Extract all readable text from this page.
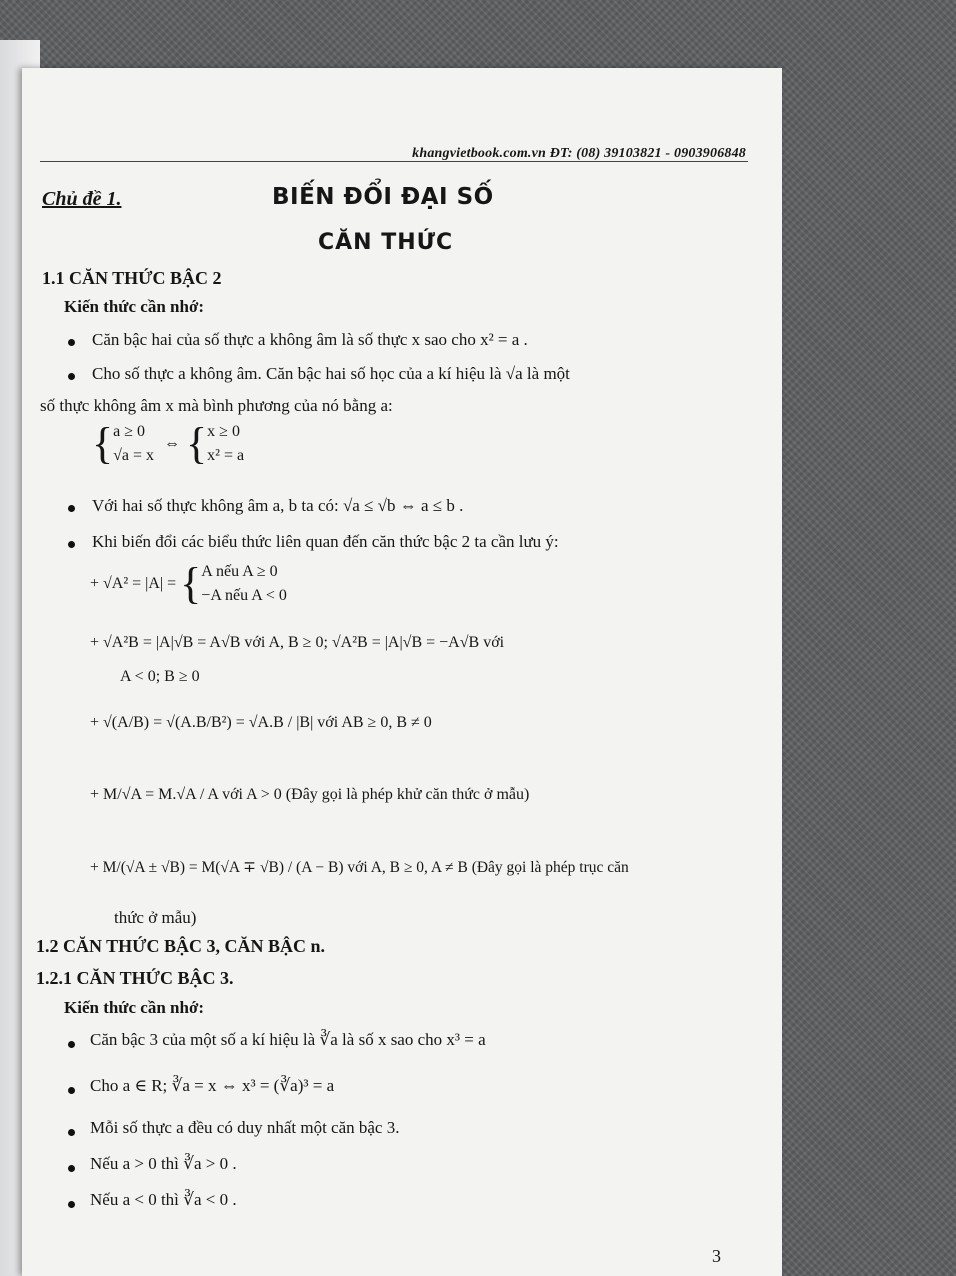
khangvietbook.com.vn ĐT: (08) 39103821 - 0903906848
Chủ đề 1.	BIẾN ĐỔI ĐẠI SỐ
CĂN THỨC
1.1 CĂN THỨC BẬC 2
Kiến thức cần nhớ:
Căn bậc hai của số thực a không âm là số thực x sao cho x² = a .
Cho số thực a không âm. Căn bậc hai số học của a kí hiệu là √a là một
số thực không âm x mà bình phương của nó bằng a:
{a ≥ 0
√a = x ⇔ {x ≥ 0
x² = a
Với hai số thực không âm a, b ta có: √a ≤ √b ⇔ a ≤ b .
Khi biến đổi các biểu thức liên quan đến căn thức bậc 2 ta cần lưu ý:
+ √A² = |A| = {A nếu A ≥ 0
−A nếu A < 0
+ √A²B = |A|√B = A√B với A, B ≥ 0; √A²B = |A|√B = −A√B với
A < 0; B ≥ 0
+ √(A/B) = √(A.B/B²) = √A.B / |B| với AB ≥ 0, B ≠ 0
+ M/√A = M.√A / A với A > 0 (Đây gọi là phép khử căn thức ở mẫu)
+ M/(√A ± √B) = M(√A ∓ √B) / (A − B) với A, B ≥ 0, A ≠ B (Đây gọi là phép trục căn
thức ở mẫu)
1.2 CĂN THỨC BẬC 3, CĂN BẬC n.
1.2.1 CĂN THỨC BẬC 3.
Kiến thức cần nhớ:
Căn bậc 3 của một số a kí hiệu là ∛a là số x sao cho x³ = a
Cho a ∈ R; ∛a = x ⇔ x³ = (∛a)³ = a
Mỗi số thực a đều có duy nhất một căn bậc 3.
Nếu a > 0 thì ∛a > 0 .
Nếu a < 0 thì ∛a < 0 .
3
